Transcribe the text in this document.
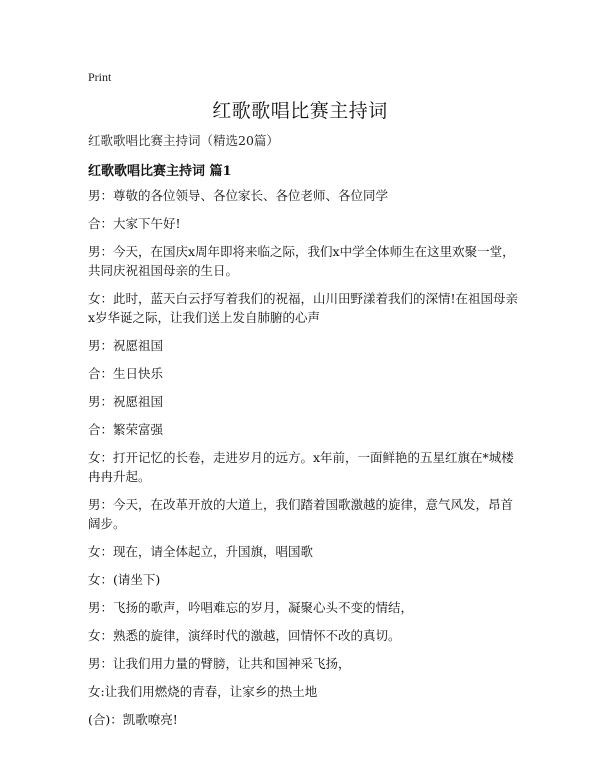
Print
红歌歌唱比赛主持词
红歌歌唱比赛主持词（精选20篇）
红歌歌唱比赛主持词 篇1

男：尊敬的各位领导、各位家长、各位老师、各位同学

合：大家下午好!

男：今天，在国庆x周年即将来临之际，我们x中学全体师生在这里欢聚一堂，共同庆祝祖国母亲的生日。

女：此时，蓝天白云抒写着我们的祝福，山川田野漾着我们的深情!在祖国母亲x岁华诞之际，让我们送上发自肺腑的心声

男：祝愿祖国

合：生日快乐

男：祝愿祖国

合：繁荣富强

女：打开记忆的长卷，走进岁月的远方。x年前，一面鲜艳的五星红旗在*城楼冉冉升起。

男：今天，在改革开放的大道上，我们踏着国歌激越的旋律，意气风发，昂首阔步。

女：现在，请全体起立，升国旗，唱国歌

女：(请坐下)

男：飞扬的歌声，吟唱难忘的岁月，凝聚心头不变的情结，

女：熟悉的旋律，演绎时代的激越，回情怀不改的真切。

男：让我们用力量的臂膀，让共和国神采飞扬，

女:让我们用燃烧的青春，让家乡的热土地

(合)：凯歌嘹亮!
